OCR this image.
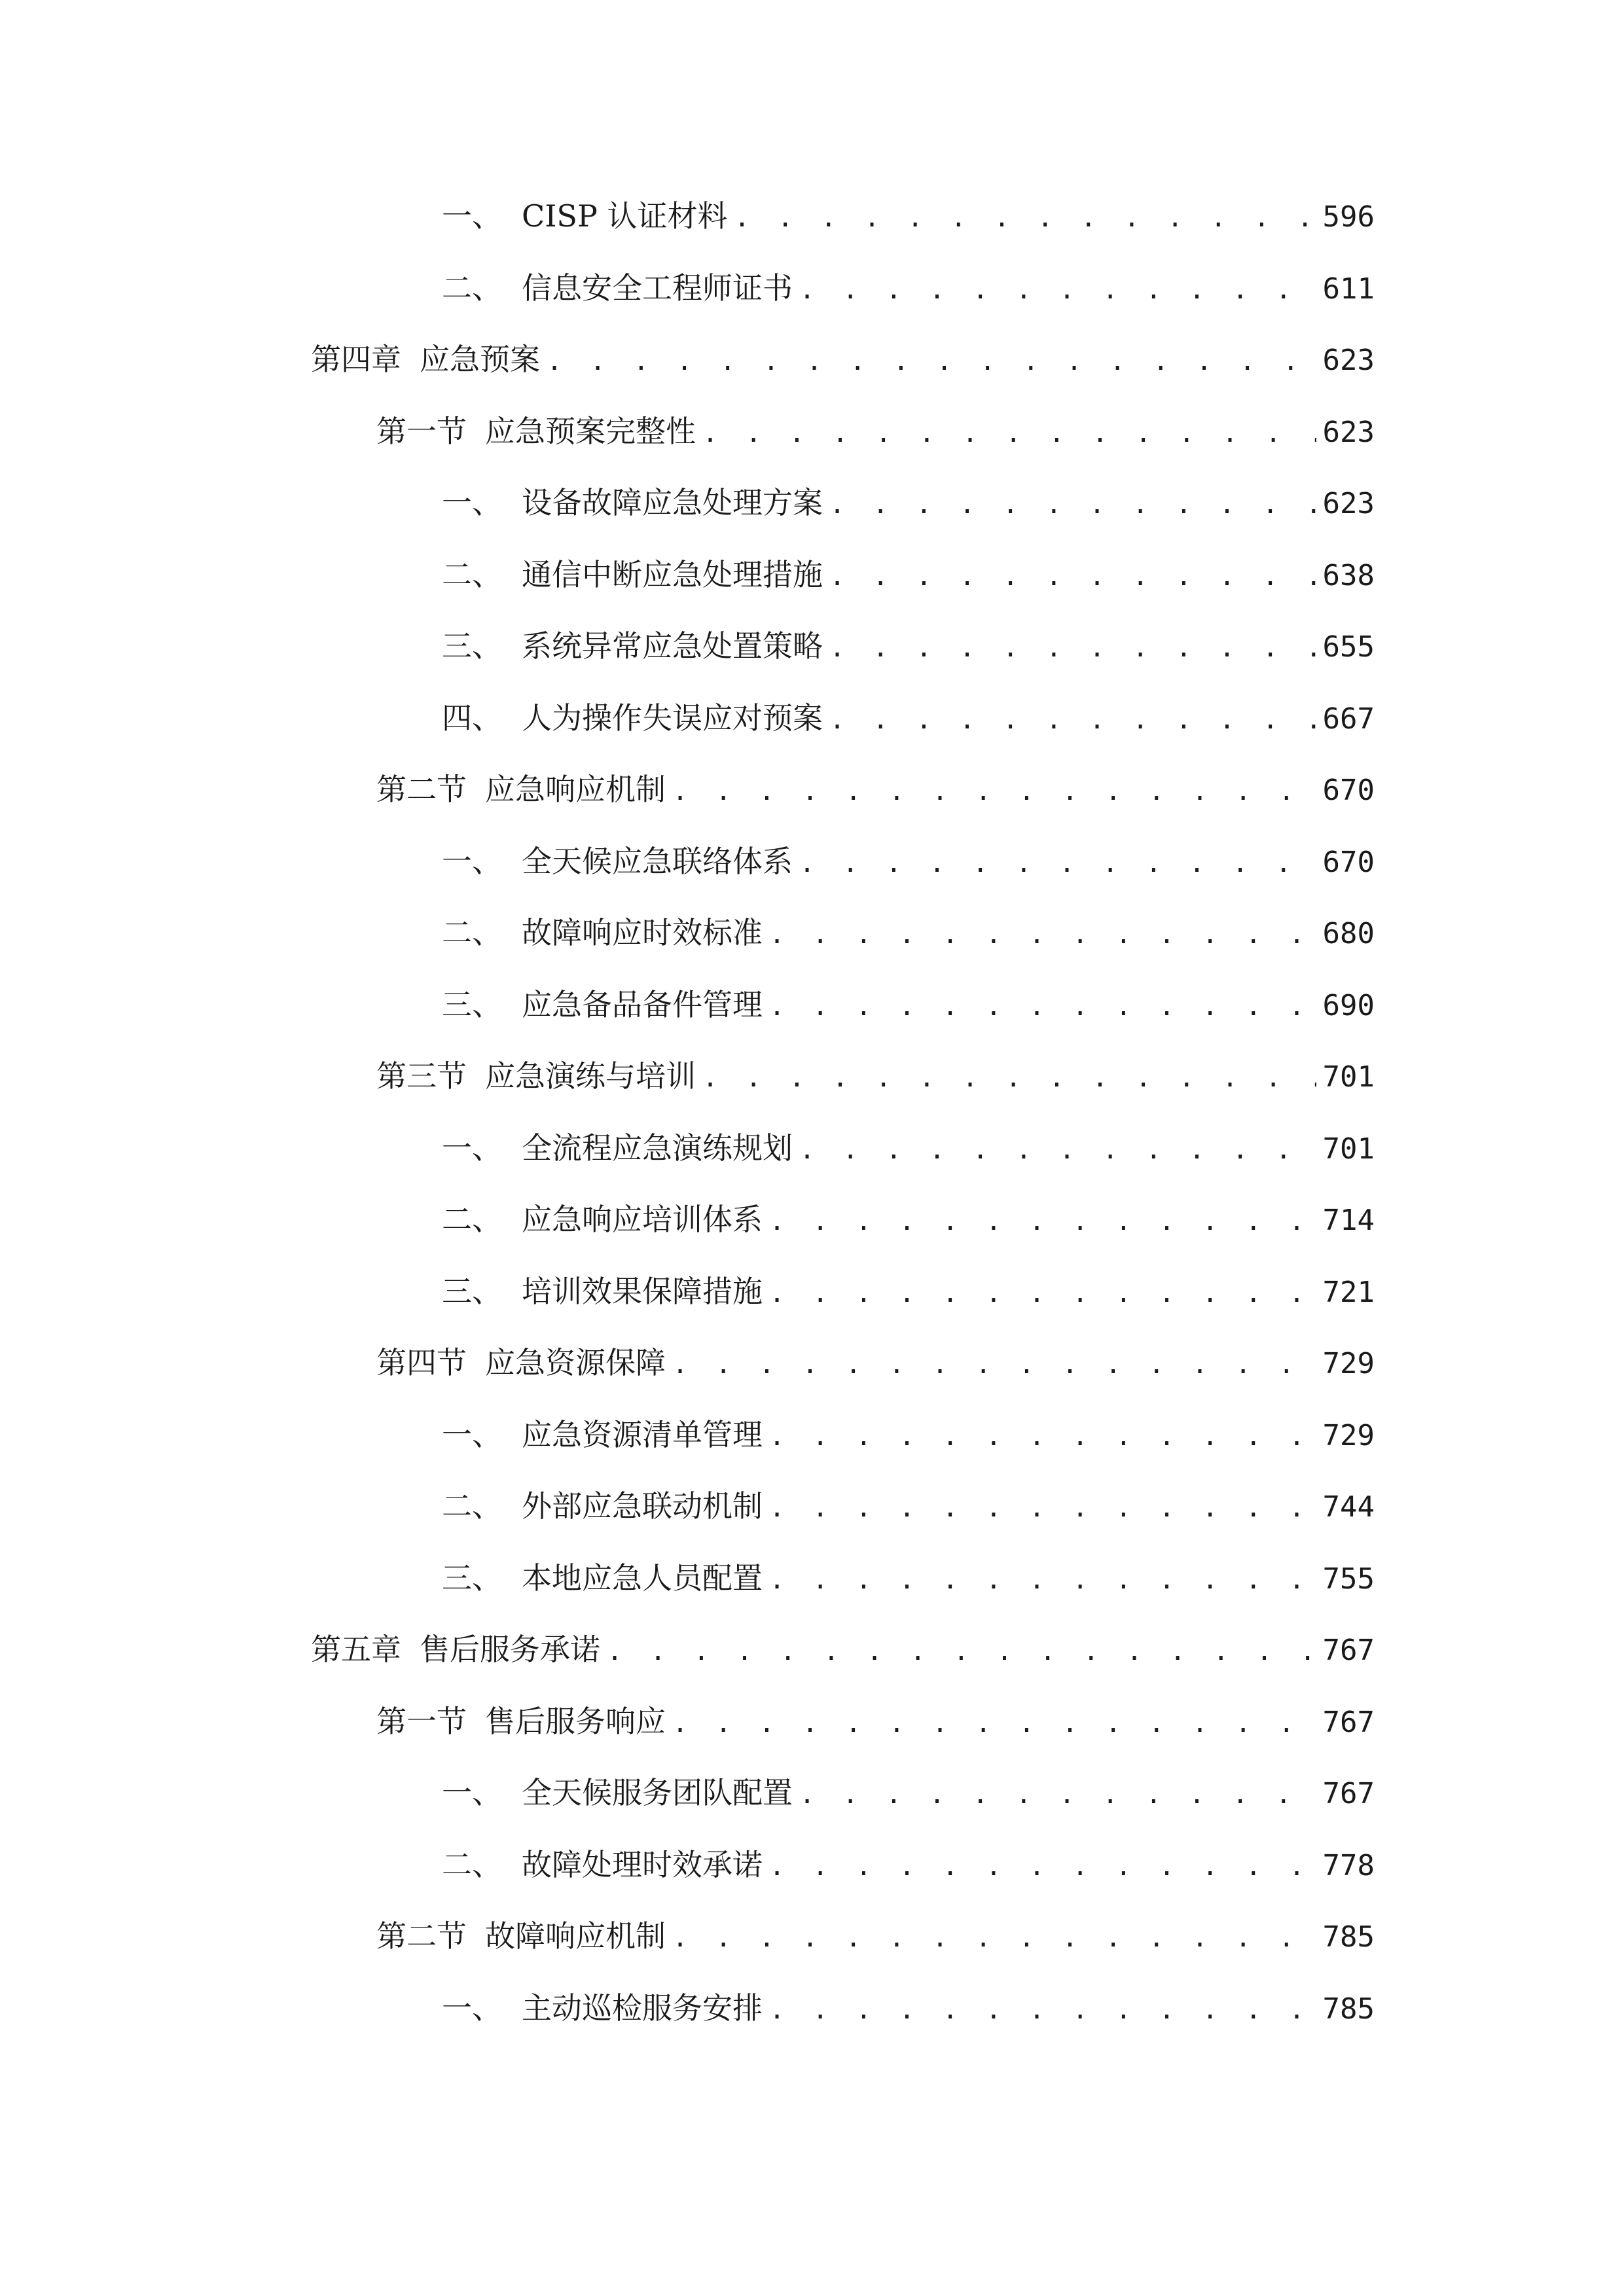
一、 CISP 认证材料 . . .	596
二、 信息安全工程师证书 . . .	611
第四章 应急预案 . . .	623
第一节 应急预案完整性 . . .	623
一、 设备故障应急处理方案 . . .	623
二、 通信中断应急处理措施 . . .	638
三、 系统异常应急处置策略 . . .	655
四、 人为操作失误应对预案 . . .	667
第二节 应急响应机制 . . .	670
一、 全天候应急联络体系 . . .	670
二、 故障响应时效标准 . . .	680
三、 应急备品备件管理 . . .	690
第三节 应急演练与培训 . . .	701
一、 全流程应急演练规划 . . .	701
二、 应急响应培训体系 . . .	714
三、 培训效果保障措施 . . .	721
第四节 应急资源保障 . . .	729
一、 应急资源清单管理 . . .	729
二、 外部应急联动机制 . . .	744
三、 本地应急人员配置 . . .	755
第五章 售后服务承诺 . . .	767
第一节 售后服务响应 . . .	767
一、 全天候服务团队配置 . . .	767
二、 故障处理时效承诺 . . .	778
第二节 故障响应机制 . . .	785
一、 主动巡检服务安排 . . .	785
